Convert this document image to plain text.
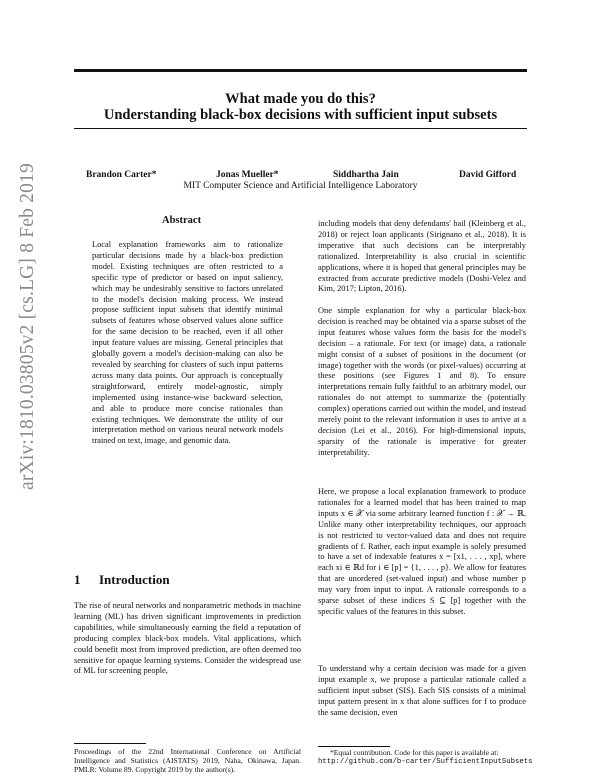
What made you do this?
Understanding black-box decisions with sufficient input subsets
Brandon Carter*	Jonas Mueller*	Siddhartha Jain	David Gifford
MIT Computer Science and Artificial Intelligence Laboratory
arXiv:1810.03805v2 [cs.LG] 8 Feb 2019	Abstract

Local explanation frameworks aim to rationalize particular decisions made by a black-box prediction model. Existing techniques are often restricted to a specific type of predictor or based on input saliency, which may be undesirably sensitive to factors unrelated to the model's decision making process. We instead propose sufficient input subsets that identify minimal subsets of features whose observed values alone suffice for the same decision to be reached, even if all other input feature values are missing. General principles that globally govern a model's decision-making can also be revealed by searching for clusters of such input patterns across many data points. Our approach is conceptually straightforward, entirely model-agnostic, simply implemented using instance-wise backward selection, and able to produce more concise rationales than existing techniques. We demonstrate the utility of our interpretation method on various neural network models trained on text, image, and genomic data.

1 Introduction

The rise of neural networks and nonparametric methods in machine learning (ML) has driven significant improvements in prediction capabilities, while simultaneously earning the field a reputation of producing complex black-box models. Vital applications, which could benefit most from improved prediction, are often deemed too sensitive for opaque learning systems. Consider the widespread use of ML for screening people,

Proceedings of the 22nd International Conference on Artificial Intelligence and Statistics (AISTATS) 2019, Naha, Okinawa, Japan. PMLR: Volume 89. Copyright 2019 by the author(s).
including models that deny defendants' bail (Kleinberg et al., 2018) or reject loan applicants (Sirignano et al., 2018). It is imperative that such decisions can be interpretably rationalized. Interpretability is also crucial in scientific applications, where it is hoped that general principles may be extracted from accurate predictive models (Doshi-Velez and Kim, 2017; Lipton, 2016).
One simple explanation for why a particular black-box decision is reached may be obtained via a sparse subset of the input features whose values form the basis for the model's decision – a rationale. For text (or image) data, a rationale might consist of a subset of positions in the document (or image) together with the words (or pixel-values) occurring at these positions (see Figures 1 and 8). To ensure interpretations remain fully faithful to an arbitrary model, our rationales do not attempt to summarize the (potentially complex) operations carried out within the model, and instead merely point to the relevant information it uses to arrive at a decision (Lei et al., 2016). For high-dimensional inputs, sparsity of the rationale is imperative for greater interpretability.
Here, we propose a local explanation framework to produce rationales for a learned model that has been trained to map inputs x ∈ 𝒳 via some arbitrary learned function f : 𝒳 → ℝ. Unlike many other interpretability techniques, our approach is not restricted to vector-valued data and does not require gradients of f. Rather, each input example is solely presumed to have a set of indexable features x = [x1, . . . , xp], where each xi ∈ ℝd for i ∈ [p] = {1, . . . , p}. We allow for features that are unordered (set-valued input) and whose number p may vary from input to input. A rationale corresponds to a sparse subset of these indices S ⊆ [p] together with the specific values of the features in this subset.
To understand why a certain decision was made for a given input example x, we propose a particular rationale called a sufficient input subset (SIS). Each SIS consists of a minimal input pattern present in x that alone suffices for f to produce the same decision, even
*Equal contribution. Code for this paper is available at:
http://github.com/b-carter/SufficientInputSubsets
